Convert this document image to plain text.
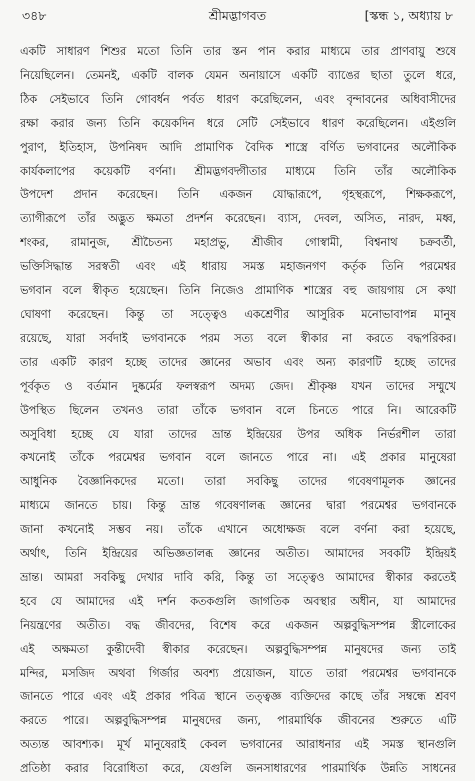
৩৪৮	শ্রীমদ্ভাগবত	[স্কন্ধ ১, অধ্যায় ৮
একটি সাধারণ শিশুর মতো তিনি তার স্তন পান করার মাধ্যমে তার প্রাণবায়ু শুষে
নিয়েছিলেন। তেমনই, একটি বালক যেমন অনায়াসে একটি ব্যাঙের ছাতা তুলে ধরে,
ঠিক সেইভাবে তিনি গোবর্ধন পর্বত ধারণ করেছিলেন, এবং বৃন্দাবনের অধিবাসীদের
রক্ষা করার জন্য তিনি কয়েকদিন ধরে সেটি সেইভাবে ধারণ করেছিলেন। এইগুলি
পুরাণ, ইতিহাস, উপনিষদ আদি প্রামাণিক বৈদিক শাস্ত্রে বর্ণিত ভগবানের অলৌকিক
কার্যকলাপের কয়েকটি বর্ণনা। শ্রীমদ্ভগবদ্গীতার মাধ্যমে তিনি তাঁর অলৌকিক
উপদেশ প্রদান করেছেন। তিনি একজন যোদ্ধারূপে, গৃহস্থরূপে, শিক্ষকরূপে,
ত্যাগীরূপে তাঁর অদ্ভুত ক্ষমতা প্রদর্শন করেছেন। ব্যাস, দেবল, অসিত, নারদ, মধ্ব,
শংকর, রামানুজ, শ্রীচৈতন্য মহাপ্রভু, শ্রীজীব গোস্বামী, বিশ্বনাথ চক্রবর্তী,
ভক্তিসিদ্ধান্ত সরস্বতী এবং এই ধারায় সমস্ত মহাজনগণ কর্তৃক তিনি পরমেশ্বর
ভগবান বলে স্বীকৃত হয়েছেন। তিনি নিজেও প্রামাণিক শাস্ত্রের বহু জায়গায় সে কথা
ঘোষণা করেছেন। কিন্তু তা সত্ত্বেও একশ্রেণীর আসুরিক মনোভাবাপন্ন মানুষ
রয়েছে, যারা সর্বদাই ভগবানকে পরম সত্য বলে স্বীকার না করতে বদ্ধপরিকর।
তার একটি কারণ হচ্ছে তাদের জ্ঞানের অভাব এবং অন্য কারণটি হচ্ছে তাদের
পূর্বকৃত ও বর্তমান দুষ্কর্মের ফলস্বরূপ অদম্য জেদ। শ্রীকৃষ্ণ যখন তাদের সম্মুখে
উপস্থিত ছিলেন তখনও তারা তাঁকে ভগবান বলে চিনতে পারে নি। আরেকটি
অসুবিধা হচ্ছে যে যারা তাদের ভ্রান্ত ইন্দ্রিয়ের উপর অধিক নির্ভরশীল তারা
কখনোই তাঁকে পরমেশ্বর ভগবান বলে জানতে পারে না। এই প্রকার মানুষেরা
আধুনিক বৈজ্ঞানিকদের মতো। তারা সবকিছু তাদের গবেষণামূলক জ্ঞানের
মাধ্যমে জানতে চায়। কিন্তু ভ্রান্ত গবেষণালব্ধ জ্ঞানের দ্বারা পরমেশ্বর ভগবানকে
জানা কখনোই সম্ভব নয়। তাঁকে এখানে অধোক্ষজ বলে বর্ণনা করা হয়েছে,
অর্থাৎ, তিনি ইন্দ্রিয়ের অভিজ্ঞতালব্ধ জ্ঞানের অতীত। আমাদের সবকটি ইন্দ্রিয়ই
ভ্রান্ত। আমরা সবকিছু দেখার দাবি করি, কিন্তু তা সত্ত্বেও আমাদের স্বীকার করতেই
হবে যে আমাদের এই দর্শন কতকগুলি জাগতিক অবস্থার অধীন, যা আমাদের
নিয়ন্ত্রণের অতীত। বদ্ধ জীবদের, বিশেষ করে একজন অল্পবুদ্ধিসম্পন্ন স্ত্রীলোকের
এই অক্ষমতা কুন্তীদেবী স্বীকার করেছেন। অল্পবুদ্ধিসম্পন্ন মানুষদের জন্য তাই
মন্দির, মসজিদ অথবা গির্জার অবশ্য প্রয়োজন, যাতে তারা পরমেশ্বর ভগবানকে
জানতে পারে এবং এই প্রকার পবিত্র স্থানে তত্ত্বজ্ঞ ব্যক্তিদের কাছে তাঁর সম্বন্ধে শ্রবণ
করতে পারে। অল্পবুদ্ধিসম্পন্ন মানুষদের জন্য, পারমার্থিক জীবনের শুরুতে এটি
অত্যন্ত আবশ্যক। মূর্খ মানুষেরাই কেবল ভগবানের আরাধনার এই সমস্ত স্থানগুলি
প্রতিষ্ঠা করার বিরোধিতা করে, যেগুলি জনসাধারণের পারমার্থিক উন্নতি সাধনের
